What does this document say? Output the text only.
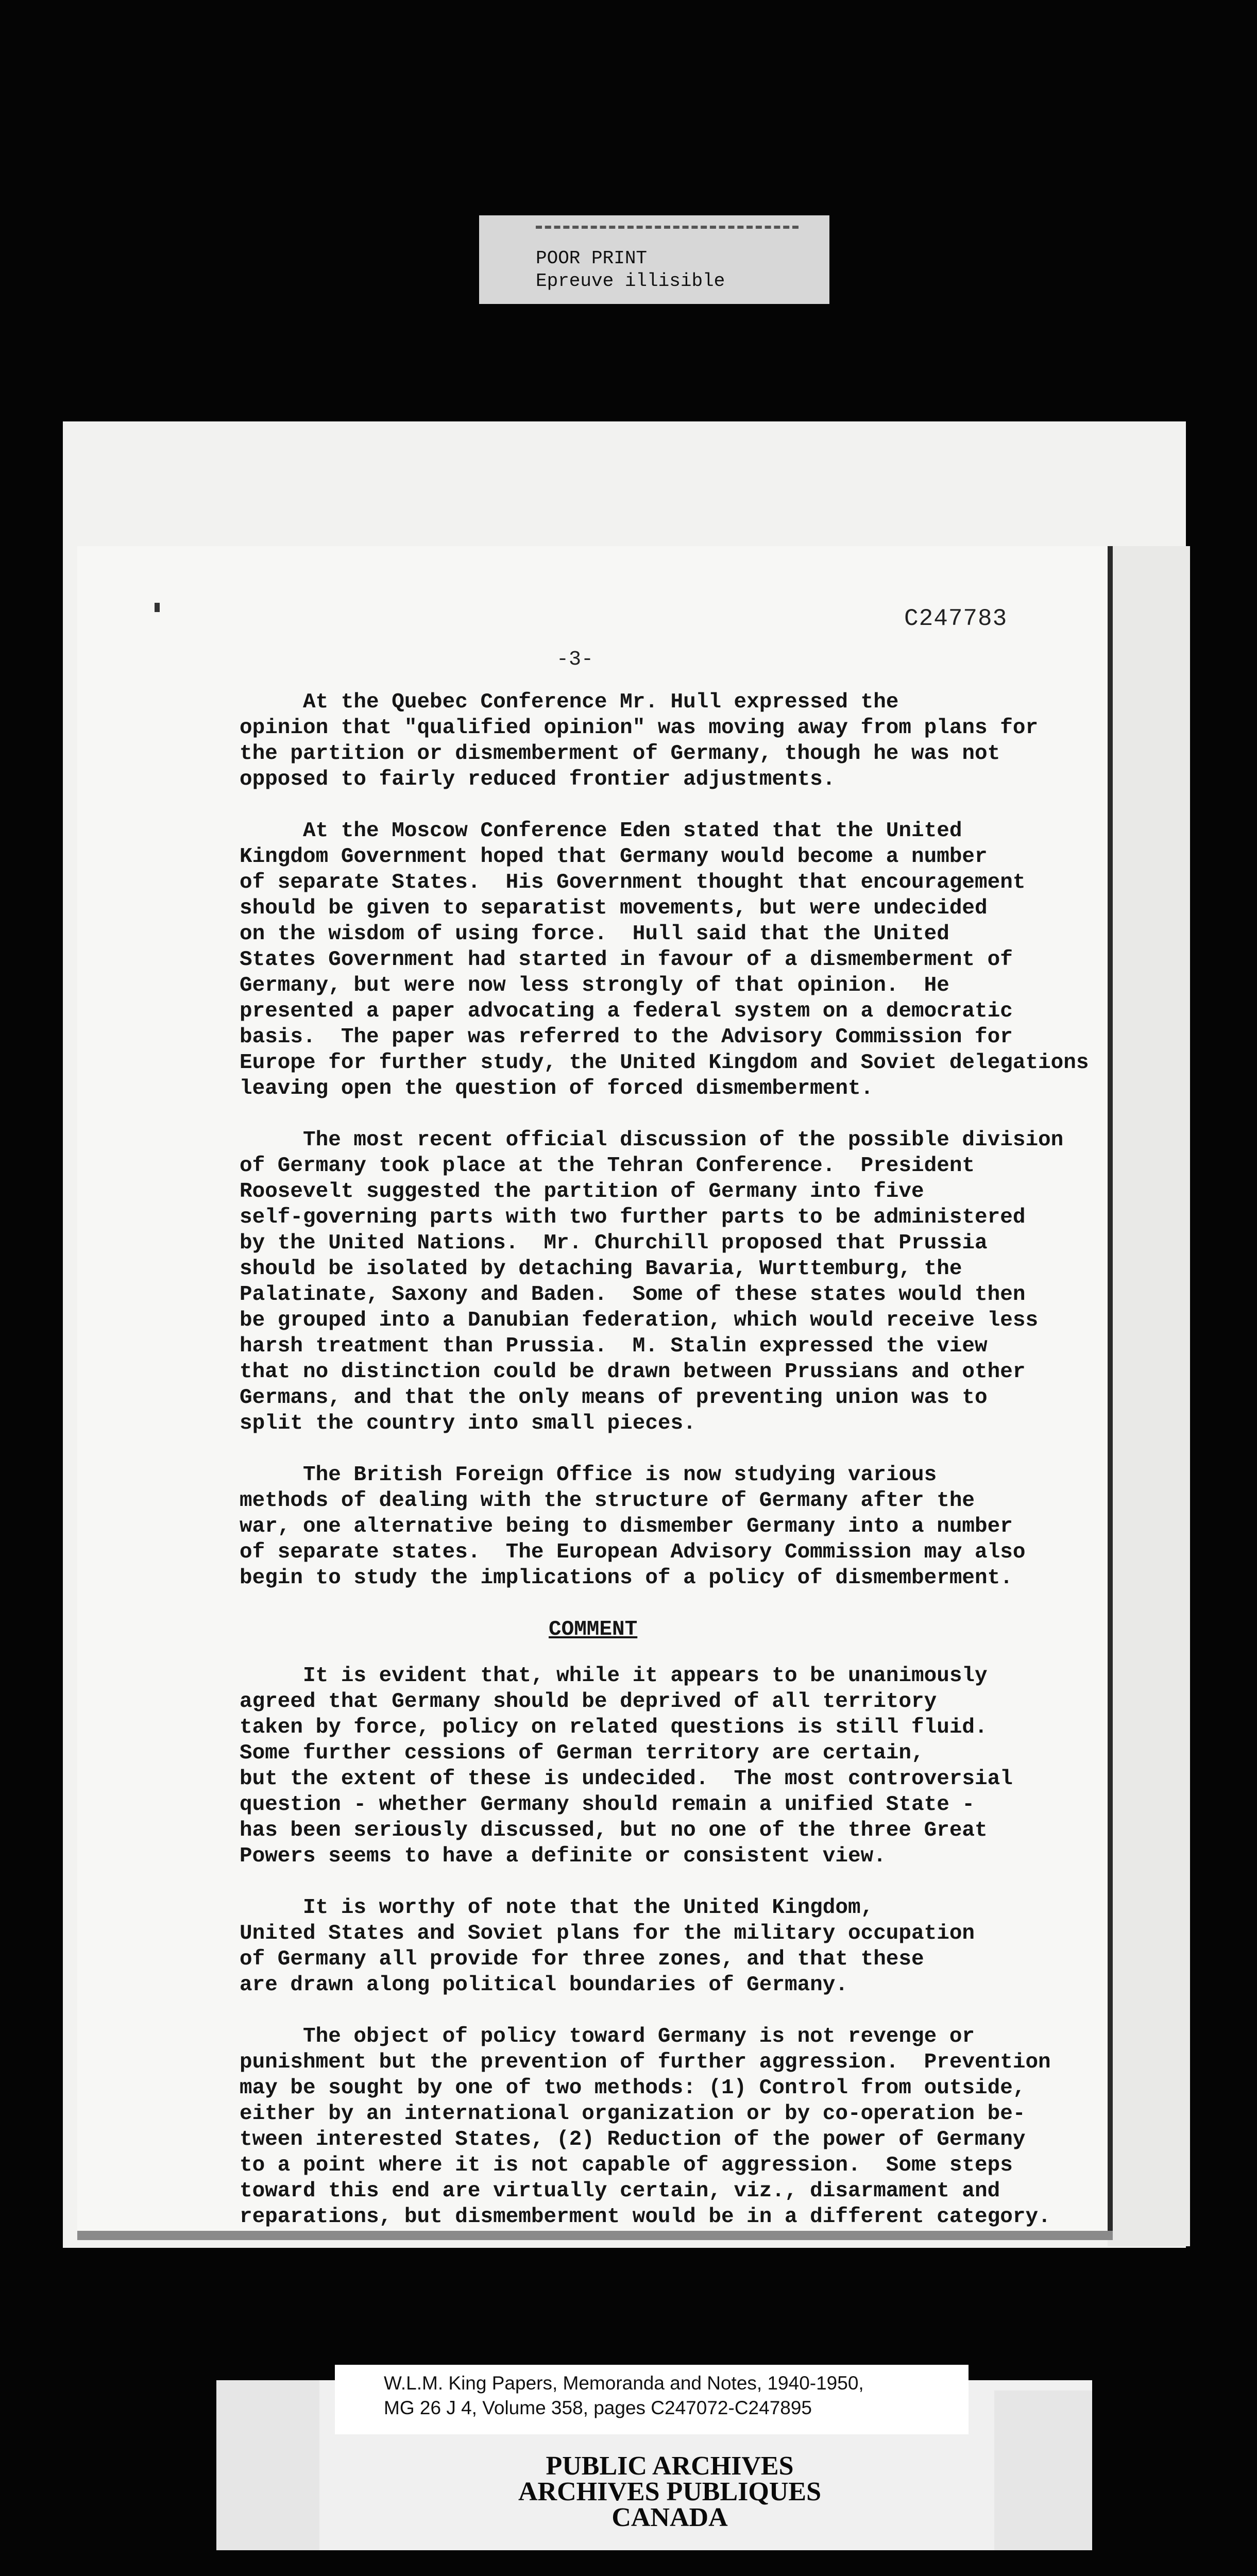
POOR PRINT
Epreuve illisible
C247783
-3-
At the Quebec Conference Mr. Hull expressed the
opinion that "qualified opinion" was moving away from plans for
the partition or dismemberment of Germany, though he was not
opposed to fairly reduced frontier adjustments.
At the Moscow Conference Eden stated that the United
Kingdom Government hoped that Germany would become a number
of separate States.  His Government thought that encouragement
should be given to separatist movements, but were undecided
on the wisdom of using force.  Hull said that the United
States Government had started in favour of a dismemberment of
Germany, but were now less strongly of that opinion.  He
presented a paper advocating a federal system on a democratic
basis.  The paper was referred to the Advisory Commission for
Europe for further study, the United Kingdom and Soviet delegations
leaving open the question of forced dismemberment.
The most recent official discussion of the possible division
of Germany took place at the Tehran Conference.  President
Roosevelt suggested the partition of Germany into five
self-governing parts with two further parts to be administered
by the United Nations.  Mr. Churchill proposed that Prussia
should be isolated by detaching Bavaria, Wurttemburg, the
Palatinate, Saxony and Baden.  Some of these states would then
be grouped into a Danubian federation, which would receive less
harsh treatment than Prussia.  M. Stalin expressed the view
that no distinction could be drawn between Prussians and other
Germans, and that the only means of preventing union was to
split the country into small pieces.
The British Foreign Office is now studying various
methods of dealing with the structure of Germany after the
war, one alternative being to dismember Germany into a number
of separate states.  The European Advisory Commission may also
begin to study the implications of a policy of dismemberment.
COMMENT
It is evident that, while it appears to be unanimously
agreed that Germany should be deprived of all territory
taken by force, policy on related questions is still fluid.
Some further cessions of German territory are certain,
but the extent of these is undecided.  The most controversial
question - whether Germany should remain a unified State -
has been seriously discussed, but no one of the three Great
Powers seems to have a definite or consistent view.
It is worthy of note that the United Kingdom,
United States and Soviet plans for the military occupation
of Germany all provide for three zones, and that these
are drawn along political boundaries of Germany.
The object of policy toward Germany is not revenge or
punishment but the prevention of further aggression.  Prevention
may be sought by one of two methods: (1) Control from outside,
either by an international organization or by co-operation be-
tween interested States, (2) Reduction of the power of Germany
to a point where it is not capable of aggression.  Some steps
toward this end are virtually certain, viz., disarmament and
reparations, but dismemberment would be in a different category.
W.L.M. King Papers, Memoranda and Notes, 1940-1950,
MG 26 J 4, Volume 358, pages C247072-C247895
PUBLIC ARCHIVES
ARCHIVES PUBLIQUES
CANADA
